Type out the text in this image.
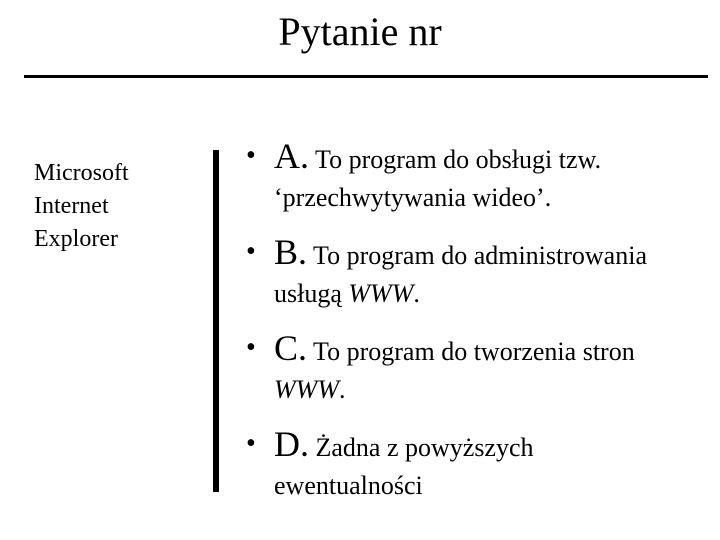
Pytanie nr
Microsoft
Internet
Explorer
• A. To program do obsługi tzw.
‘przechwytywania wideo’.
• B. To program do administrowania
usługą WWW.
• C. To program do tworzenia stron
WWW.
• D. Żadna z powyższych
ewentualności
